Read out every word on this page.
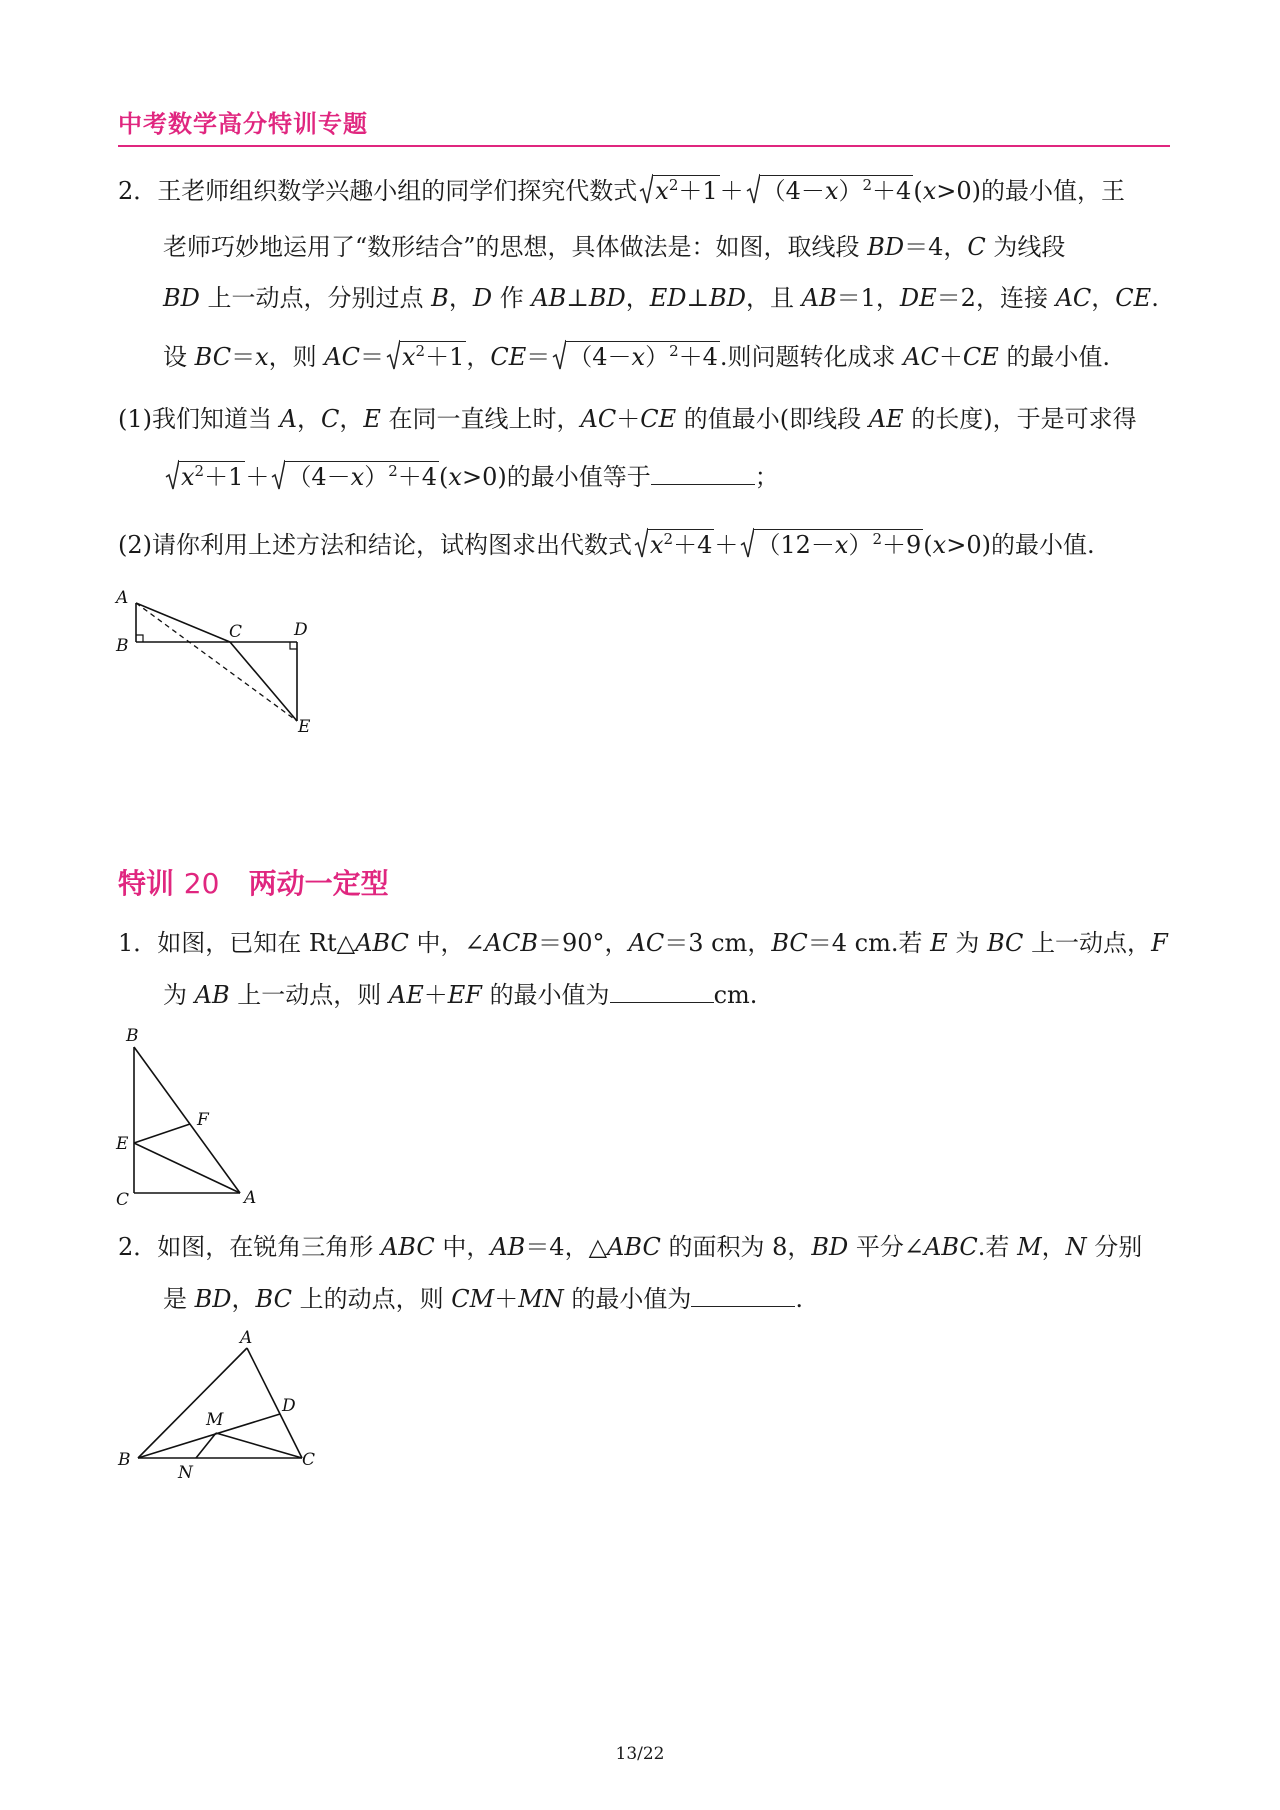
中考数学高分特训专题
2．王老师组织数学兴趣小组的同学们探究代数式 $x^2+1+ (4-x)^2+4(x>0)$的最小值，王
老师巧妙地运用了“数形结合”的思想，具体做法是：如图，取线段 BD＝4，C 为线段
BD 上一动点，分别过点 B，D 作 AB⊥BD，ED⊥BD，且 AB＝1，DE＝2，连接 AC，CE.
设 BC＝x，则 $AC= x^2+1$，$CE= (4-x)^2+4$.则问题转化成求 AC＋CE 的最小值.
(1)我们知道当 A，C，E 在同一直线上时，AC＋CE 的值最小(即线段 AE 的长度)，于是可求得
$x^2+1+ (4-x)^2+4(x>0)$的最小值等于	；
(2)请你利用上述方法和结论，试构图求出代数式 $x^2+4+ (12-x)^2+9(x>0)$的最小值.
A
B
C	D
E
特训 20 两动一定型
1．如图，已知在 Rt△ABC 中，∠ACB＝90°，AC＝3 cm，BC＝4 cm.若 E 为 BC 上一动点，F
为 AB 上一动点，则 AE＋EF 的最小值为	cm.
B
F
E
C	A
2．如图，在锐角三角形 ABC 中，AB＝4，△ABC 的面积为 8，BD 平分∠ABC.若 M，N 分别
是 BD，BC 上的动点，则 CM＋MN 的最小值为	.
A
D
M
B	C
N
13/22
